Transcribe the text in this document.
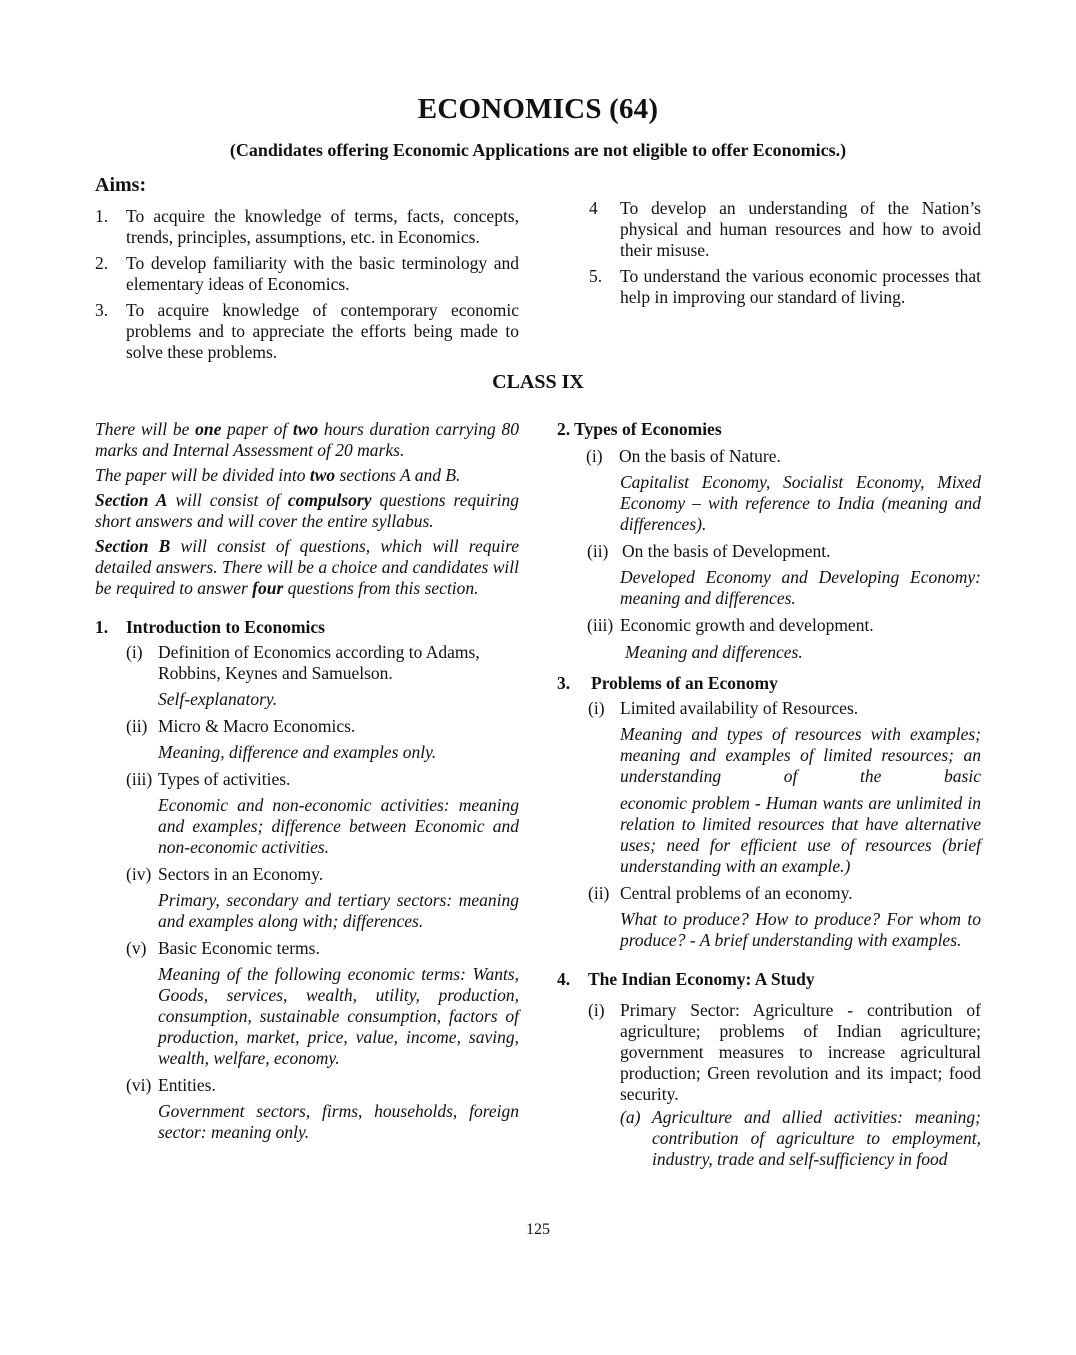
ECONOMICS (64)
(Candidates offering Economic Applications are not eligible to offer Economics.)
Aims:
1. To acquire the knowledge of terms, facts, concepts, trends, principles, assumptions, etc. in Economics.
2. To develop familiarity with the basic terminology and elementary ideas of Economics.
3. To acquire knowledge of contemporary economic problems and to appreciate the efforts being made to solve these problems.
4 To develop an understanding of the Nation’s physical and human resources and how to avoid their misuse.
5. To understand the various economic processes that help in improving our standard of living.
CLASS IX

There will be one paper of two hours duration carrying 80 marks and Internal Assessment of 20 marks.

The paper will be divided into two sections A and B.

Section A will consist of compulsory questions requiring short answers and will cover the entire syllabus.

Section B will consist of questions, which will require detailed answers. There will be a choice and candidates will be required to answer four questions from this section.

1. Introduction to Economics
(i) Definition of Economics according to Adams, Robbins, Keynes and Samuelson.
Self-explanatory.
(ii) Micro & Macro Economics.
Meaning, difference and examples only.
(iii) Types of activities.
Economic and non-economic activities: meaning and examples; difference between Economic and non-economic activities.
(iv) Sectors in an Economy.
Primary, secondary and tertiary sectors: meaning and examples along with; differences.
(v) Basic Economic terms.
Meaning of the following economic terms: Wants, Goods, services, wealth, utility, production, consumption, sustainable consumption, factors of production, market, price, value, income, saving, wealth, welfare, economy.
(vi) Entities.
Government sectors, firms, households, foreign sector: meaning only.
2. Types of Economies
(i) On the basis of Nature.
Capitalist Economy, Socialist Economy, Mixed Economy – with reference to India (meaning and differences).
(ii) On the basis of Development.
Developed Economy and Developing Economy: meaning and differences.
(iii) Economic growth and development.
Meaning and differences.
3. Problems of an Economy
(i) Limited availability of Resources.
Meaning and types of resources with examples; meaning and examples of limited resources; an understanding of the basic
economic problem - Human wants are unlimited in relation to limited resources that have alternative uses; need for efficient use of resources (brief understanding with an example.)
(ii) Central problems of an economy.
What to produce? How to produce? For whom to produce? - A brief understanding with examples.
4. The Indian Economy: A Study
(i) Primary Sector: Agriculture - contribution of agriculture; problems of Indian agriculture; government measures to increase agricultural production; Green revolution and its impact; food security.
(a) Agriculture and allied activities: meaning; contribution of agriculture to employment, industry, trade and self-sufficiency in food
125
